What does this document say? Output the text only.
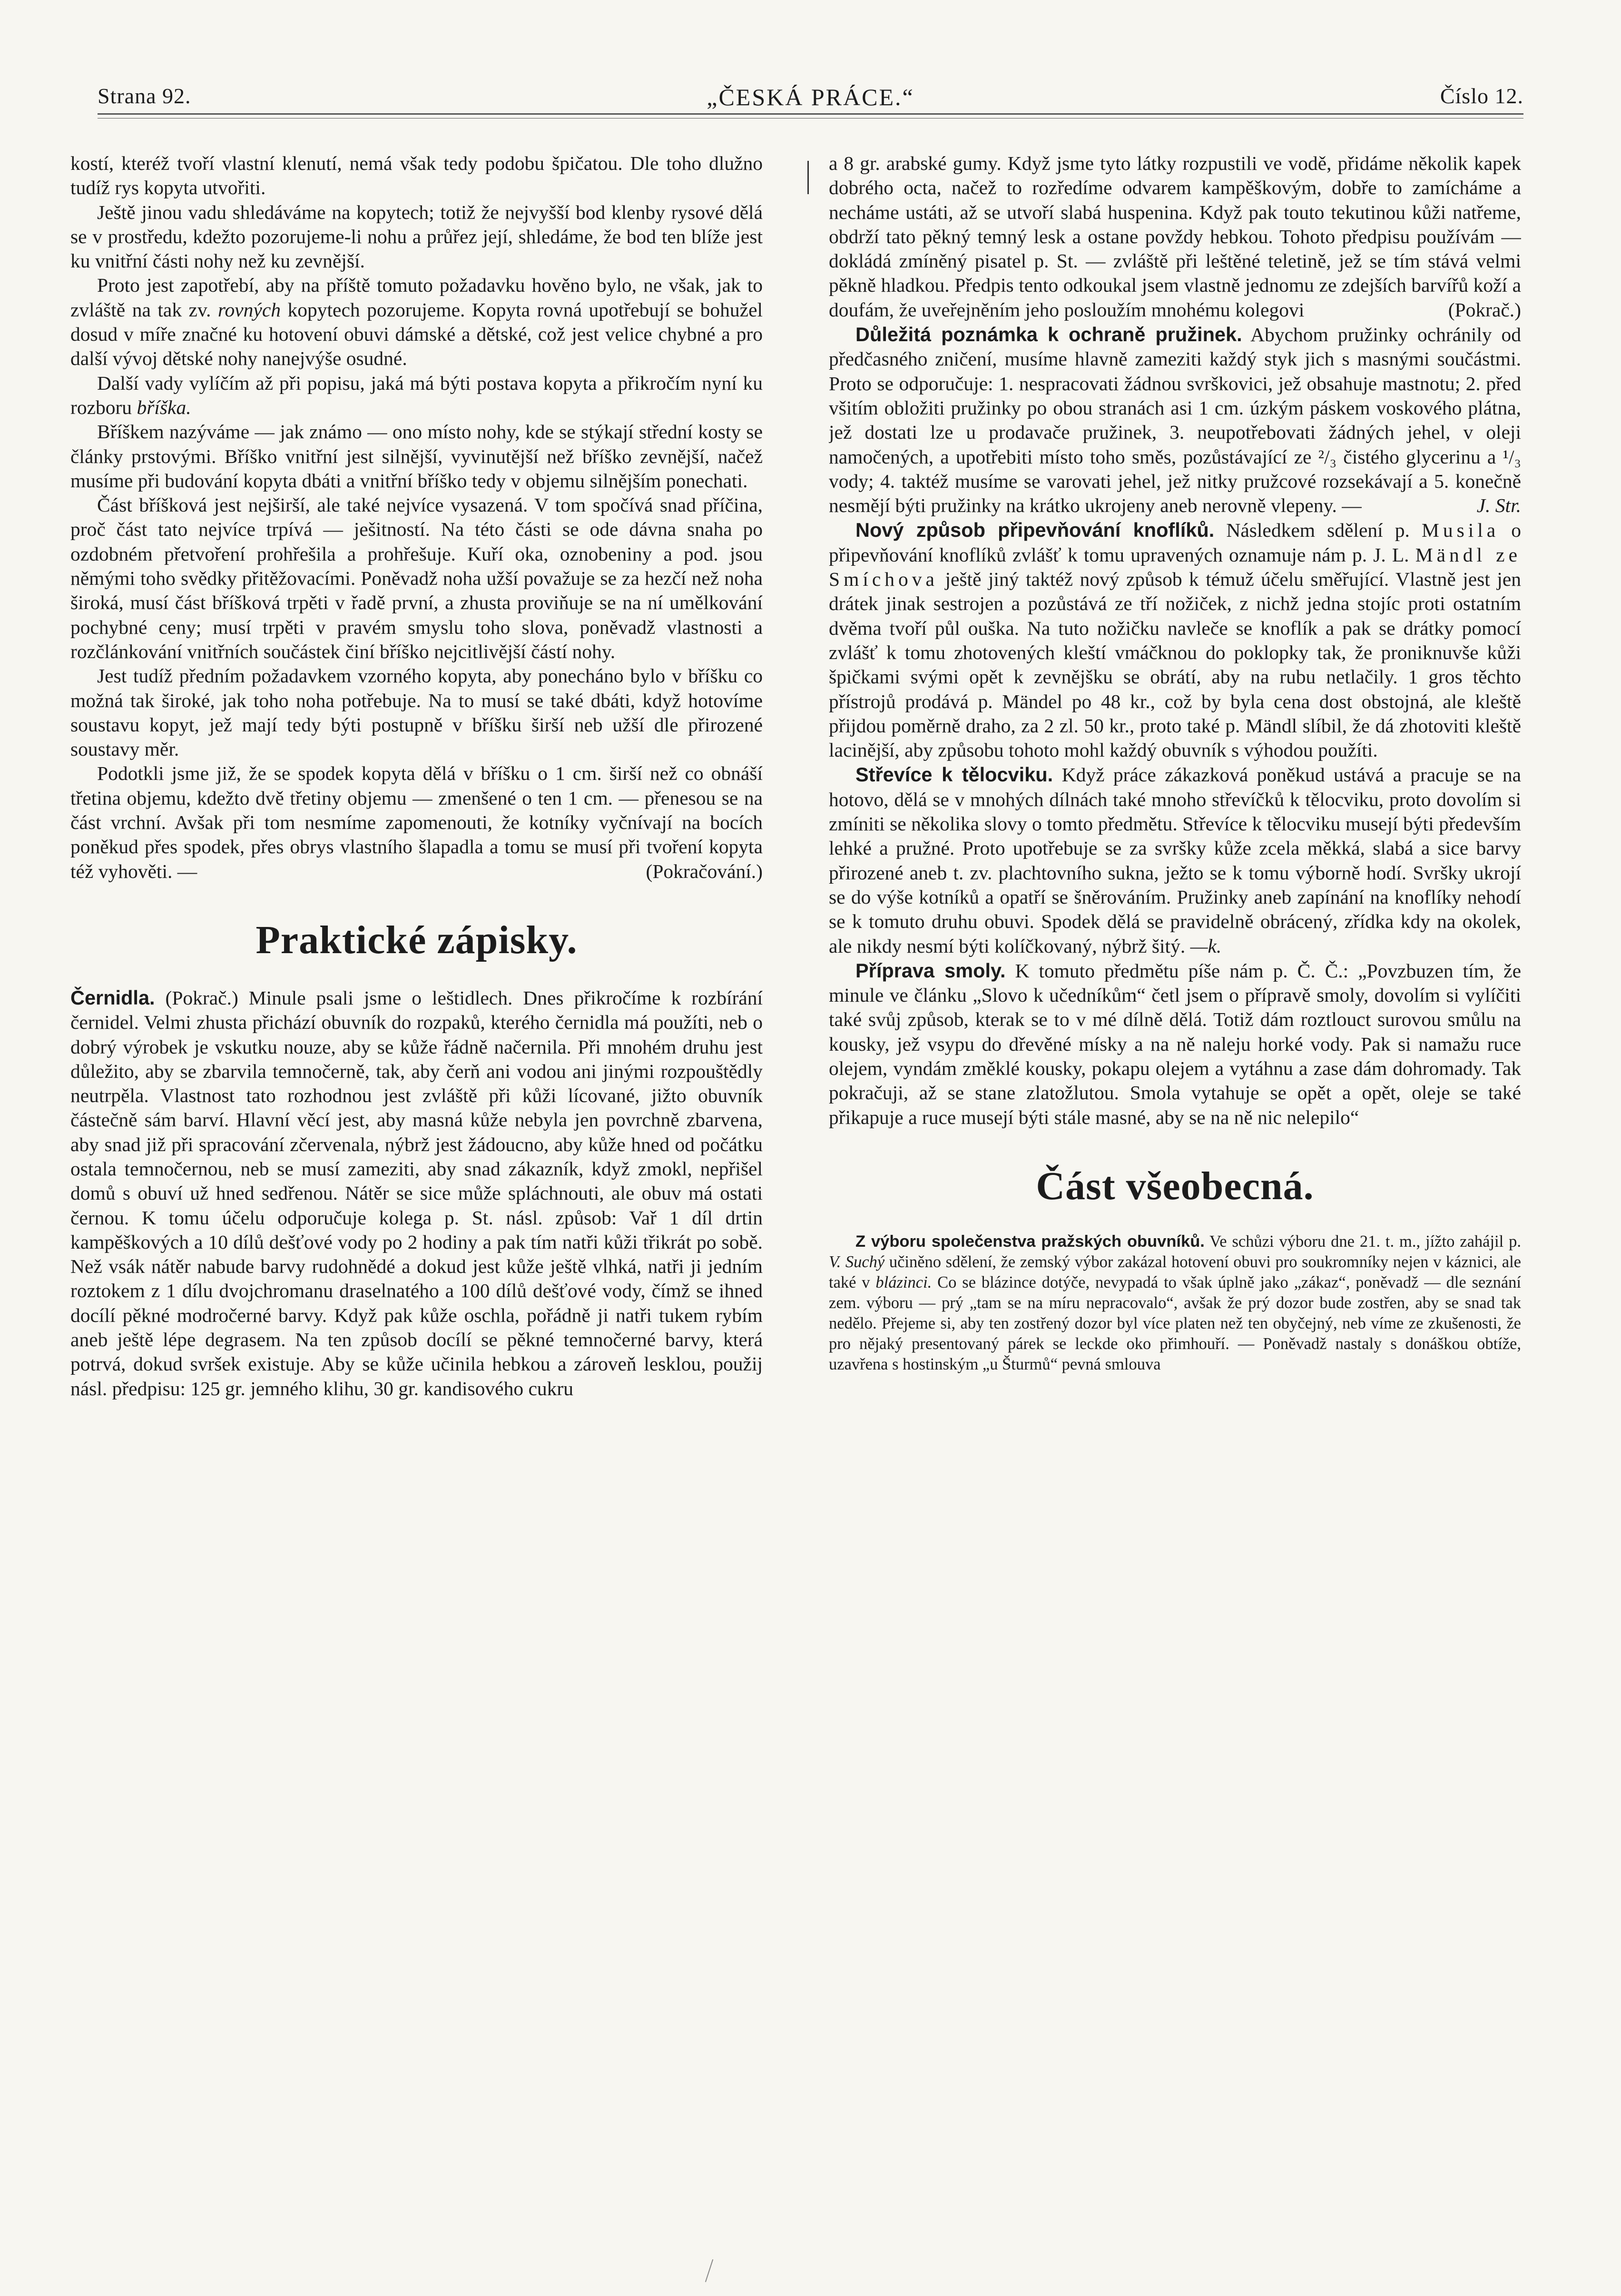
Strana 92.	„ČESKÁ PRÁCE.“	Číslo 12.

kostí, kteréž tvoří vlastní klenutí, nemá však tedy podobu špičatou. Dle toho dlužno tudíž rys kopyta utvořiti.

Ještě jinou vadu shledáváme na kopytech; totiž že nejvyšší bod klenby rysové dělá se v prostředu, kdežto pozorujeme-li nohu a průřez její, shledáme, že bod ten blíže jest ku vnitřní části nohy než ku zevnější.

Proto jest zapotřebí, aby na příště tomuto požadavku hověno bylo, ne však, jak to zvláště na tak zv. rovných kopytech pozorujeme. Kopyta rovná upotřebují se bohužel dosud v míře značné ku hotovení obuvi dámské a dětské, což jest velice chybné a pro další vývoj dětské nohy nanejvýše osudné.

Další vady vylíčím až při popisu, jaká má býti postava kopyta a přikročím nyní ku rozboru bříška.

Bříškem nazýváme — jak známo — ono místo nohy, kde se stýkají střední kosty se články prstovými. Bříško vnitřní jest silnější, vyvinutější než bříško zevnější, načež musíme při budování kopyta dbáti a vnitřní bříško tedy v objemu silnějším ponechati.

Část bříšková jest nejširší, ale také nejvíce vysazená. V tom spočívá snad příčina, proč část tato nejvíce trpívá — ješitností. Na této části se ode dávna snaha po ozdobném přetvoření prohřešila a prohřešuje. Kuří oka, oznobeniny a pod. jsou němými toho svědky přitěžovacími. Poněvadž noha užší považuje se za hezčí než noha široká, musí část bříšková trpěti v řadě první, a zhusta proviňuje se na ní umělkování pochybné ceny; musí trpěti v pravém smyslu toho slova, poněvadž vlastnosti a rozčlánkování vnitřních součástek činí bříško nejcitlivější částí nohy.

Jest tudíž předním požadavkem vzorného kopyta, aby ponecháno bylo v bříšku co možná tak široké, jak toho noha potřebuje. Na to musí se také dbáti, když hotovíme soustavu kopyt, jež mají tedy býti postupně v bříšku širší neb užší dle přirozené soustavy měr.

Podotkli jsme již, že se spodek kopyta dělá v bříšku o 1 cm. širší než co obnáší třetina objemu, kdežto dvě třetiny objemu — zmenšené o ten 1 cm. — přenesou se na část vrchní. Avšak při tom nesmíme zapomenouti, že kotníky vyčnívají na bocích poněkud přes spodek, přes obrys vlastního šlapadla a tomu se musí při tvoření kopyta též vyhověti. —	(Pokračování.)

Praktické zápisky.

Černidla. (Pokrač.) Minule psali jsme o leštidlech. Dnes přikročíme k rozbírání černidel. Velmi zhusta přichází obuvník do rozpaků, kterého černidla má použíti, neb o dobrý výrobek je vskutku nouze, aby se kůže řádně načernila. Při mnohém druhu jest důležito, aby se zbarvila temnočerně, tak, aby čerň ani vodou ani jinými rozpouštědly neutrpěla. Vlastnost tato rozhodnou jest zvláště při kůži lícované, jižto obuvník částečně sám barví. Hlavní věcí jest, aby masná kůže nebyla jen povrchně zbarvena, aby snad již při spracování zčervenala, nýbrž jest žádoucno, aby kůže hned od počátku ostala temnočernou, neb se musí zameziti, aby snad zákazník, když zmokl, nepřišel domů s obuví už hned sedřenou. Nátěr se sice může spláchnouti, ale obuv má ostati černou. K tomu účelu odporučuje kolega p. St. násl. způsob: Vař 1 díl drtin kampěškových a 10 dílů dešťové vody po 2 hodiny a pak tím natři kůži třikrát po sobě. Než vsák nátěr nabude barvy rudohnědé a dokud jest kůže ještě vlhká, natři ji jedním roztokem z 1 dílu dvojchromanu draselnatého a 100 dílů dešťové vody, čímž se ihned docílí pěkné modročerné barvy. Když pak kůže oschla, pořádně ji natři tukem rybím aneb ještě lépe degrasem. Na ten způsob docílí se pěkné temnočerné barvy, která potrvá, dokud svršek existuje. Aby se kůže učinila hebkou a zároveň lesklou, použij násl. předpisu: 125 gr. jemného klihu, 30 gr. kandisového cukru

a 8 gr. arabské gumy. Když jsme tyto látky rozpustili ve vodě, přidáme několik kapek dobrého octa, načež to rozředíme odvarem kampěškovým, dobře to zamícháme a necháme ustáti, až se utvoří slabá huspenina. Když pak touto tekutinou kůži natřeme, obdrží tato pěkný temný lesk a ostane povždy hebkou. Tohoto předpisu používám — dokládá zmíněný pisatel p. St. — zvláště při leštěné teletině, jež se tím stává velmi pěkně hladkou. Předpis tento odkoukal jsem vlastně jednomu ze zdejších barvířů koží a doufám, že uveřejněním jeho posloužím mnohému kolegovi	(Pokrač.)

Důležitá poznámka k ochraně pružinek. Abychom pružinky ochránily od předčasného zničení, musíme hlavně zameziti každý styk jich s masnými součástmi. Proto se odporučuje: 1. nespracovati žádnou svrškovici, jež obsahuje mastnotu; 2. před všitím obložiti pružinky po obou stranách asi 1 cm. úzkým páskem voskového plátna, jež dostati lze u prodavače pružinek, 3. neupotřebovati žádných jehel, v oleji namočených, a upotřebiti místo toho směs, pozůstávající ze ²/₃ čistého glycerinu a ¹/₃ vody; 4. taktéž musíme se varovati jehel, jež nitky pružcové rozsekávají a 5. konečně nesmějí býti pružinky na krátko ukrojeny aneb nerovně vlepeny. —	J. Str.

Nový způsob připevňování knoflíků. Následkem sdělení p. Musila o připevňování knoflíků zvlášť k tomu upravených oznamuje nám p. J. L. Mändl ze Smíchova ještě jiný taktéž nový způsob k témuž účelu směřující. Vlastně jest jen drátek jinak sestrojen a pozůstává ze tří nožiček, z nichž jedna stojíc proti ostatním dvěma tvoří půl ouška. Na tuto nožičku navleče se knoflík a pak se drátky pomocí zvlášť k tomu zhotovených kleští vmáčknou do poklopky tak, že proniknuvše kůži špičkami svými opět k zevnějšku se obrátí, aby na rubu netlačily. 1 gros těchto přístrojů prodává p. Mändel po 48 kr., což by byla cena dost obstojná, ale kleště přijdou poměrně draho, za 2 zl. 50 kr., proto také p. Mändl slíbil, že dá zhotoviti kleště lacinější, aby způsobu tohoto mohl každý obuvník s výhodou použíti.

Střevíce k tělocviku. Když práce zákazková poněkud ustává a pracuje se na hotovo, dělá se v mnohých dílnách také mnoho střevíčků k tělocviku, proto dovolím si zmíniti se několika slovy o tomto předmětu. Střevíce k tělocviku musejí býti především lehké a pružné. Proto upotřebuje se za svršky kůže zcela měkká, slabá a sice barvy přirozené aneb t. zv. plachtovního sukna, ježto se k tomu výborně hodí. Svršky ukrojí se do výše kotníků a opatří se šněrováním. Pružinky aneb zapínání na knoflíky nehodí se k tomuto druhu obuvi. Spodek dělá se pravidelně obrácený, zřídka kdy na okolek, ale nikdy nesmí býti kolíčkovaný, nýbrž šitý. —k.

Příprava smoly. K tomuto předmětu píše nám p. Č. Č.: „Povzbuzen tím, že minule ve článku „Slovo k učedníkům“ četl jsem o přípravě smoly, dovolím si vylíčiti také svůj způsob, kterak se to v mé dílně dělá. Totiž dám roztlouct surovou smůlu na kousky, jež vsypu do dřevěné mísky a na ně naleju horké vody. Pak si namažu ruce olejem, vyndám změklé kousky, pokapu olejem a vytáhnu a zase dám dohromady. Tak pokračuji, až se stane zlatožlutou. Smola vytahuje se opět a opět, oleje se také přikapuje a ruce musejí býti stále masné, aby se na ně nic nelepilo“

Část všeobecná.

Z výboru společenstva pražských obuvníků. Ve schůzi výboru dne 21. t. m., jížto zahájil p. V. Suchý učiněno sdělení, že zemský výbor zakázal hotovení obuvi pro soukromníky nejen v káznici, ale také v blázinci. Co se blázince dotýče, nevypadá to však úplně jako „zákaz“, poněvadž — dle seznání zem. výboru — prý „tam se na míru nepracovalo“, avšak že prý dozor bude zostřen, aby se snad tak nedělo. Přejeme si, aby ten zostřený dozor byl více platen než ten obyčejný, neb víme ze zkušenosti, že pro nějaký presentovaný párek se leckde oko přimhouří. — Poněvadž nastaly s donáškou obtíže, uzavřena s hostinským „u Šturmů“ pevná smlouva
